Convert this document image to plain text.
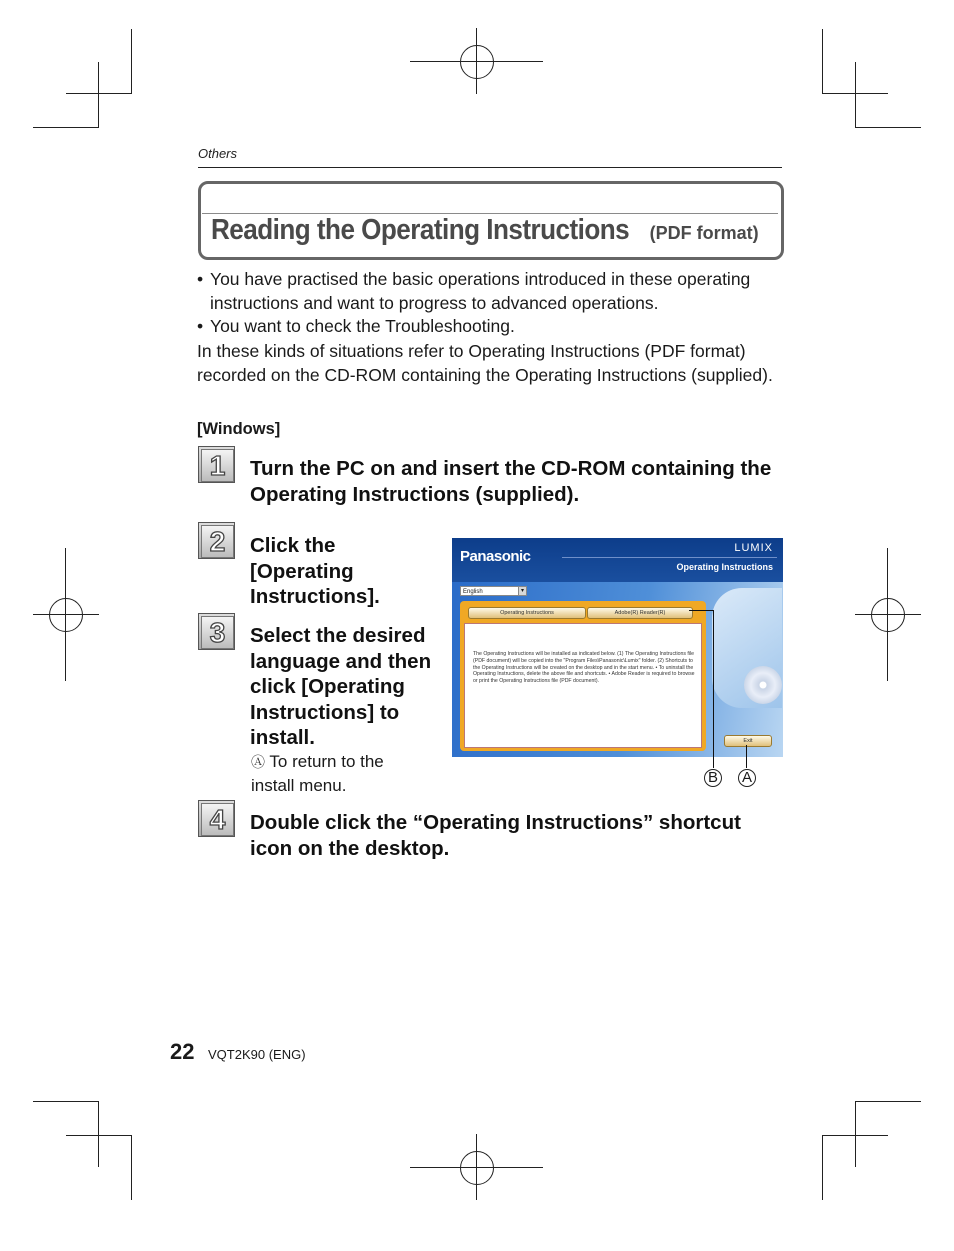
Others
Reading the Operating Instructions (PDF format)
• You have practised the basic operations introduced in these operating instructions and want to progress to advanced operations.
• You want to check the Troubleshooting.
In these kinds of situations refer to Operating Instructions (PDF format) recorded on the CD-ROM containing the Operating Instructions (supplied).
[Windows]
1	Turn the PC on and insert the CD-ROM containing the Operating Instructions (supplied).
2	Click the [Operating Instructions].
3	Select the desired language and then click [Operating Instructions] to install.
Ⓐ To return to the install menu.
4	Double click the “Operating Instructions” shortcut icon on the desktop.
Panasonic	LUMIX
Operating Instructions
English	▾
Operating Instructions	Adobe(R) Reader(R)
The Operating Instructions will be installed as indicated below. (1) The Operating Instructions file (PDF document) will be copied into the "Program Files\Panasonic\Lumix" folder. (2) Shortcuts to the Operating Instructions will be created on the desktop and in the start menu. • To uninstall the Operating Instructions, delete the above file and shortcuts. • Adobe Reader is required to browse or print the Operating Instructions file (PDF document).
Exit
B A
22 VQT2K90 (ENG)
